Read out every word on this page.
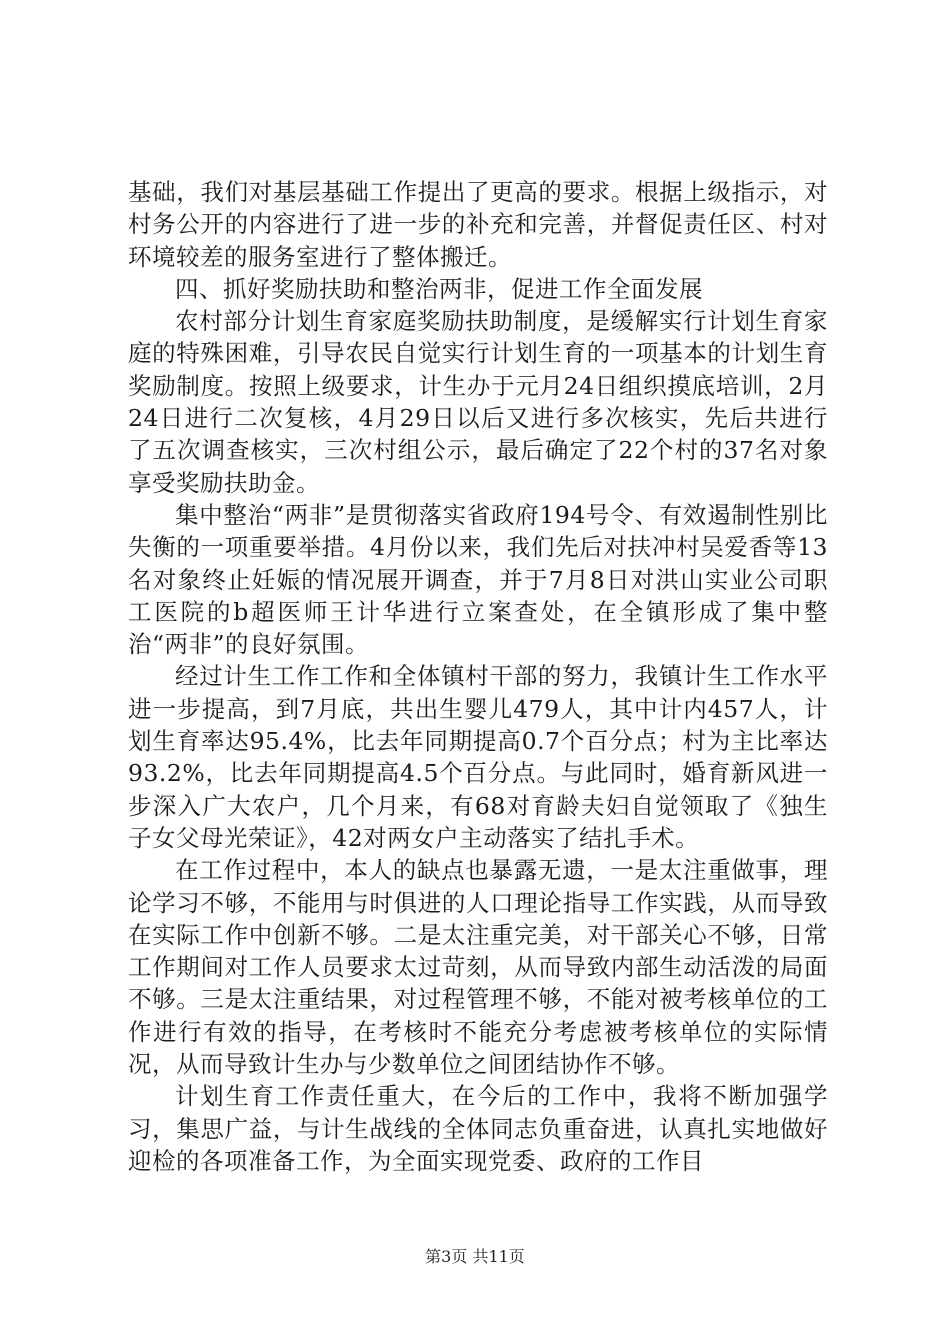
基础，我们对基层基础工作提出了更高的要求。根据上级指示，对村务公开的内容进行了进一步的补充和完善，并督促责任区、村对环境较差的服务室进行了整体搬迁。

四、抓好奖励扶助和整治两非，促进工作全面发展

农村部分计划生育家庭奖励扶助制度，是缓解实行计划生育家庭的特殊困难，引导农民自觉实行计划生育的一项基本的计划生育奖励制度。按照上级要求，计生办于元月24日组织摸底培训，2月24日进行二次复核，4月29日以后又进行多次核实，先后共进行了五次调查核实，三次村组公示，最后确定了22个村的37名对象享受奖励扶助金。

集中整治“两非”是贯彻落实省政府194号令、有效遏制性别比失衡的一项重要举措。4月份以来，我们先后对扶冲村吴爱香等13名对象终止妊娠的情况展开调查，并于7月8日对洪山实业公司职工医院的b超医师王计华进行立案查处，在全镇形成了集中整治“两非”的良好氛围。

经过计生工作工作和全体镇村干部的努力，我镇计生工作水平进一步提高，到7月底，共出生婴儿479人，其中计内457人，计划生育率达95.4%，比去年同期提高0.7个百分点；村为主比率达93.2%，比去年同期提高4.5个百分点。与此同时，婚育新风进一步深入广大农户，几个月来，有68对育龄夫妇自觉领取了《独生子女父母光荣证》，42对两女户主动落实了结扎手术。

在工作过程中，本人的缺点也暴露无遗，一是太注重做事，理论学习不够，不能用与时俱进的人口理论指导工作实践，从而导致在实际工作中创新不够。二是太注重完美，对干部关心不够，日常工作期间对工作人员要求太过苛刻，从而导致内部生动活泼的局面不够。三是太注重结果，对过程管理不够，不能对被考核单位的工作进行有效的指导，在考核时不能充分考虑被考核单位的实际情况，从而导致计生办与少数单位之间团结协作不够。

计划生育工作责任重大，在今后的工作中，我将不断加强学习，集思广益，与计生战线的全体同志负重奋进，认真扎实地做好迎检的各项准备工作，为全面实现党委、政府的工作目

第3页 共11页
